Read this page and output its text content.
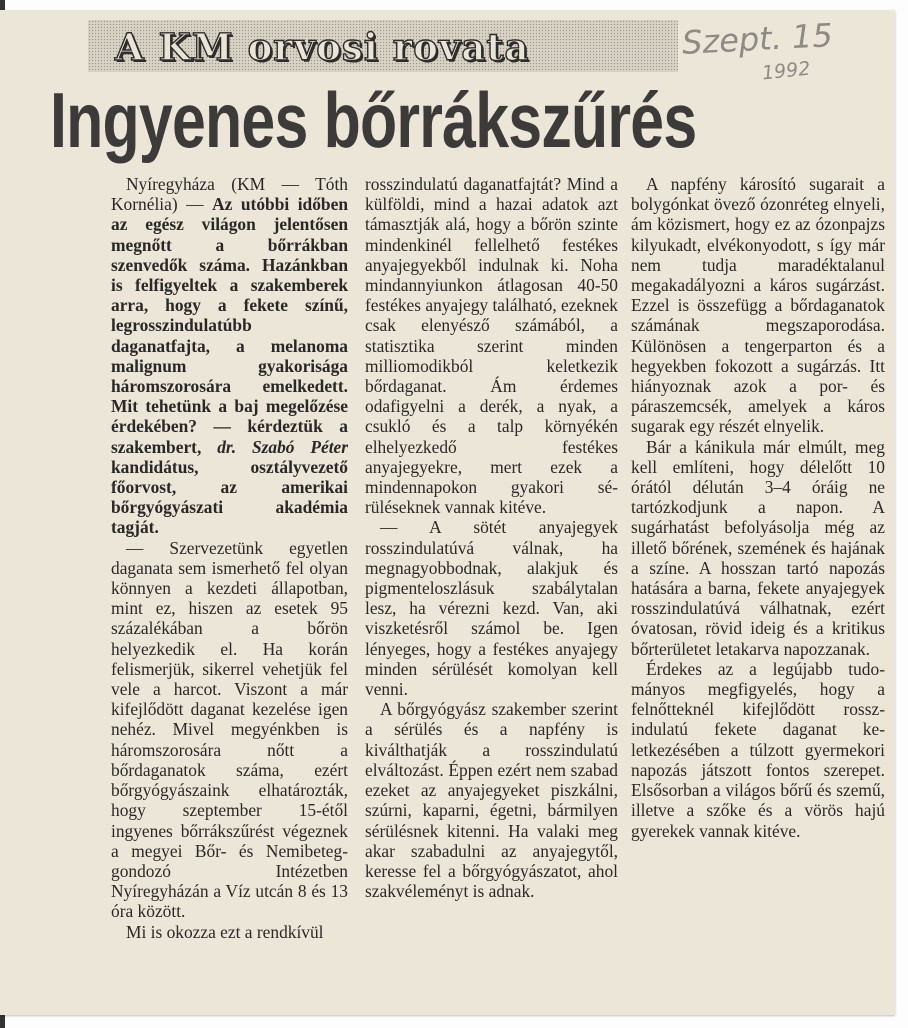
A KM orvosi rovata	Szept. 15
1992
Ingyenes bőrrákszűrés

Nyíregyháza (KM — Tóth Kornélia) — Az utóbbi időben az egész világon jelentősen megnőtt a bőrrákban szenvedők száma. Hazánkban is felfigyeltek a szakemberek arra, hogy a fekete színű, legrosszindulatúbb daganatfajta, a melanoma malignum gyakorisága háromszorosára emelkedett. Mit tehetünk a baj megelőzése érdekében? — kérdeztük a szakembert, dr. Szabó Péter kandidátus, osztályvezető főorvost, az amerikai bőrgyógyászati akadémia tagját.

— Szervezetünk egyetlen daganata sem ismerhető fel olyan könnyen a kezdeti állapotban, mint ez, hiszen az esetek 95 százalékában a bőrön helyezkedik el. Ha korán felismerjük, sikerrel vehetjük fel vele a harcot. Viszont a már kifejlődött daganat kezelése igen nehéz. Mivel megyénkben is háromszorosára nőtt a bőrdaganatok száma, ezért bőrgyógyászaink elhatározták, hogy szeptember 15-étől ingyenes bőrrákszűrést végeznek a megyei Bőr- és Nemibeteg-gondozó Intézetben Nyíregyházán a Víz utcán 8 és 13 óra között.

Mi is okozza ezt a rendkívül

rosszindulatú daganatfajtát? Mind a külföldi, mind a hazai adatok azt támasztják alá, hogy a bőrön szinte mindenkinél fellelhető festékes anyajegyekből indulnak ki. Noha mindannyiunkon átlagosan 40-50 festékes anyajegy található, ezeknek csak elenyésző számából, a statisztika szerint minden milliomodikból keletkezik bőrdaganat. Ám érdemes odafigyelni a derék, a nyak, a csukló és a talp környékén elhelyezkedő festékes anyajegyekre, mert ezek a mindennapokon gyakori sérüléseknek vannak kitéve.

— A sötét anyajegyek rosszindulatúvá válnak, ha megnagyobbodnak, alakjuk és pigmenteloszlásuk szabálytalan lesz, ha vérezni kezd. Van, aki viszketésről számol be. Igen lényeges, hogy a festékes anyajegy minden sérülését komolyan kell venni.

A bőrgyógyász szakember szerint a sérülés és a napfény is kiválthatják a rosszindulatú elváltozást. Éppen ezért nem szabad ezeket az anyajegyeket piszkálni, szúrni, kaparni, égetni, bármilyen sérülésnek kitenni. Ha valaki meg akar szabadulni az anyajegytől, keresse fel a bőrgyógyászatot, ahol szakvéleményt is adnak.

A napfény károsító sugarait a bolygónkat övező ózonréteg elnyeli, ám közismert, hogy ez az ózonpajzs kilyukadt, elvékonyodott, s így már nem tudja maradéktalanul megakadályozni a káros sugárzást. Ezzel is összefügg a bőrdaganatok számának megszaporodása. Különösen a tengerparton és a hegyekben fokozott a sugárzás. Itt hiányoznak azok a por- és páraszemcsék, amelyek a káros sugarak egy részét elnyelik.

Bár a kánikula már elmúlt, meg kell említeni, hogy délelőtt 10 órától délután 3–4 óráig ne tartózkodjunk a napon. A sugárhatást befolyásolja még az illető bőrének, szemének és hajának a színe. A hosszan tartó napozás hatására a barna, fekete anyajegyek rosszindulatúvá válhatnak, ezért óvatosan, rövid ideig és a kritikus bőrterületet letakarva napozzanak.

Érdekes az a legújabb tudományos megfigyelés, hogy a felnőtteknél kifejlődött rosszindulatú fekete daganat keletkezésében a túlzott gyermekori napozás játszott fontos szerepet. Elsősorban a világos bőrű és szemű, illetve a szőke és a vörös hajú gyerekek vannak kitéve.
